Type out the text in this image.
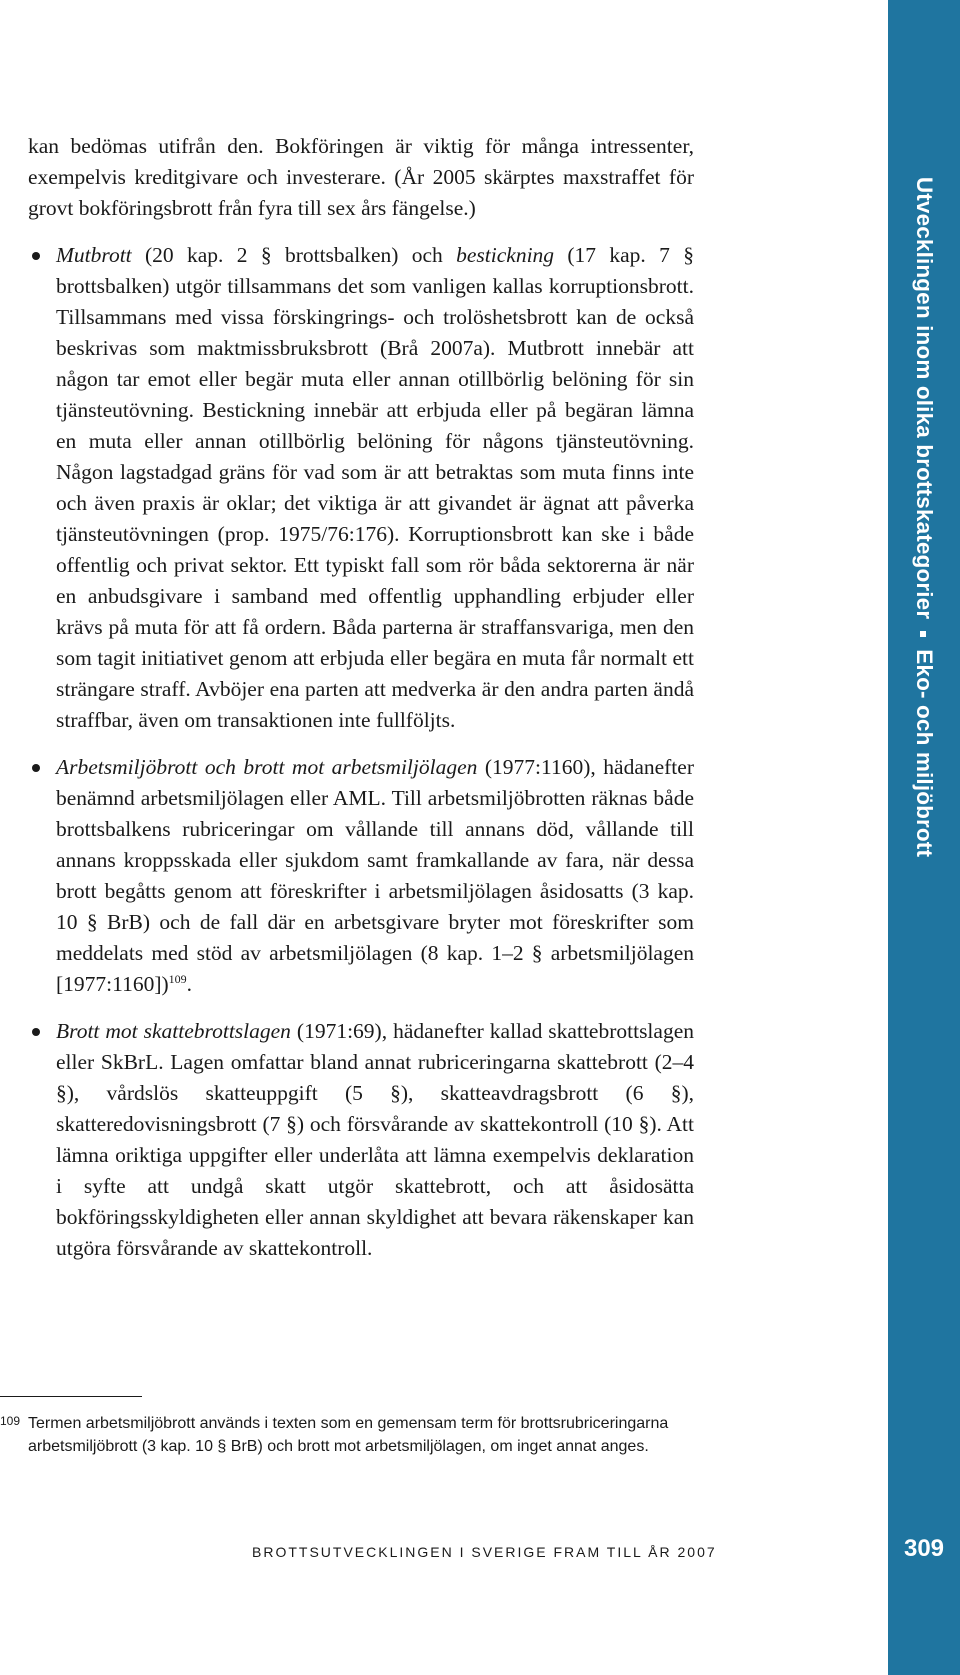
Utvecklingen inom olika brottskategorierEko- och miljöbrott
309

kan bedömas utifrån den. Bokföringen är viktig för många intressenter, exempelvis kreditgivare och investerare. (År 2005 skärptes maxstraffet för grovt bokföringsbrott från fyra till sex års fängelse.)

Mutbrott (20 kap. 2 § brottsbalken) och bestickning (17 kap. 7 § brottsbalken) utgör tillsammans det som vanligen kallas korruptionsbrott. Tillsammans med vissa förskingrings- och trolöshetsbrott kan de också beskrivas som maktmissbruksbrott (Brå 2007a). Mutbrott innebär att någon tar emot eller begär muta eller annan otillbörlig belöning för sin tjänsteutövning. Bestickning innebär att erbjuda eller på begäran lämna en muta eller annan otillbörlig belöning för någons tjänsteutövning. Någon lagstadgad gräns för vad som är att betraktas som muta finns inte och även praxis är oklar; det viktiga är att givandet är ägnat att påverka tjänsteutövningen (prop. 1975/76:176). Korruptionsbrott kan ske i både offentlig och privat sektor. Ett typiskt fall som rör båda sektorerna är när en anbudsgivare i samband med offentlig upphandling erbjuder eller krävs på muta för att få ordern. Båda parterna är straffansvariga, men den som tagit initiativet genom att erbjuda eller begära en muta får normalt ett strängare straff. Avböjer ena parten att medverka är den andra parten ändå straffbar, även om transaktionen inte fullföljts.

Arbetsmiljöbrott och brott mot arbetsmiljölagen (1977:1160), hädanefter benämnd arbetsmiljölagen eller AML. Till arbetsmiljöbrotten räknas både brottsbalkens rubriceringar om vållande till annans död, vållande till annans kroppsskada eller sjukdom samt framkallande av fara, när dessa brott begåtts genom att föreskrifter i arbetsmiljölagen åsidosatts (3 kap. 10 § BrB) och de fall där en arbetsgivare bryter mot föreskrifter som meddelats med stöd av arbetsmiljölagen (8 kap. 1–2 § arbetsmiljölagen [1977:1160])$^{109}$.

Brott mot skattebrottslagen (1971:69), hädanefter kallad skattebrottslagen eller SkBrL. Lagen omfattar bland annat rubriceringarna skattebrott (2–4 §), vårdslös skatteuppgift (5 §), skatteavdragsbrott (6 §), skatteredovisningsbrott (7 §) och försvårande av skattekontroll (10 §). Att lämna oriktiga uppgifter eller underlåta att lämna exempelvis deklaration i syfte att undgå skatt utgör skattebrott, och att åsidosätta bokföringsskyldigheten eller annan skyldighet att bevara räkenskaper kan utgöra försvårande av skattekontroll.

109 Termen arbetsmiljöbrott används i texten som en gemensam term för brottsrubriceringarna arbetsmiljöbrott (3 kap. 10 § BrB) och brott mot arbetsmiljölagen, om inget annat anges.
BROTTSUTVECKLINGEN I SVERIGE FRAM TILL ÅR 2007
